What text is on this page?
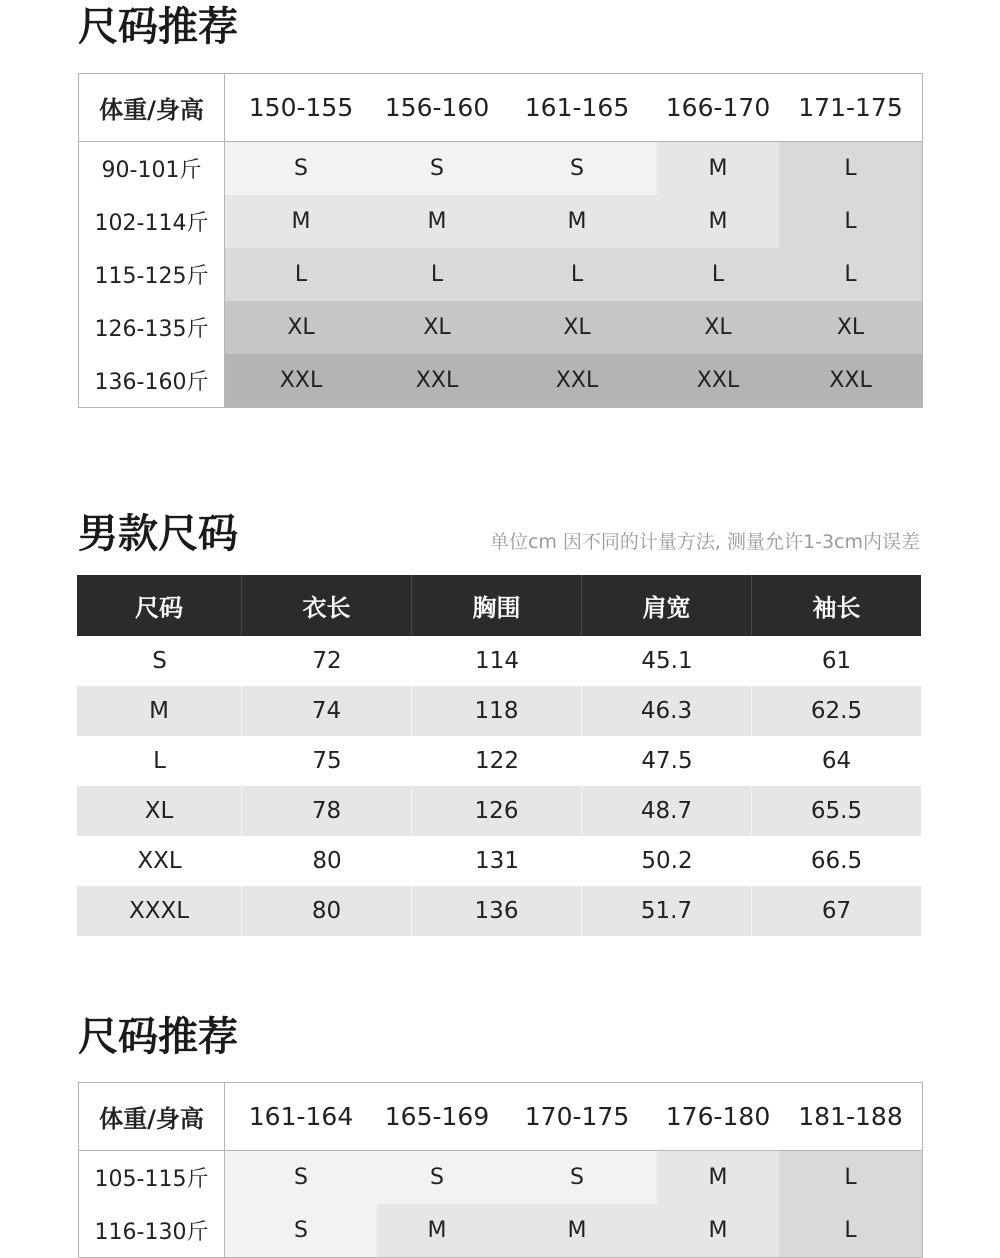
尺码推荐
体重/身高	150-155	156-160	161-165	166-170	171-175
90-101斤	S	S	S	M	L
102-114斤	M	M	M	M	L
115-125斤	L	L	L	L	L
126-135斤	XL	XL	XL	XL	XL
136-160斤	XXL	XXL	XXL	XXL	XXL
男款尺码	单位cm 因不同的计量方法, 测量允许1-3cm内误差
尺码	衣长	胸围	肩宽	袖长
S	72	114	45.1	61
M	74	118	46.3	62.5
L	75	122	47.5	64
XL	78	126	48.7	65.5
XXL	80	131	50.2	66.5
XXXL	80	136	51.7	67
尺码推荐
体重/身高	161-164	165-169	170-175	176-180	181-188
105-115斤	S	S	S	M	L
116-130斤	S	M	M	M	L
